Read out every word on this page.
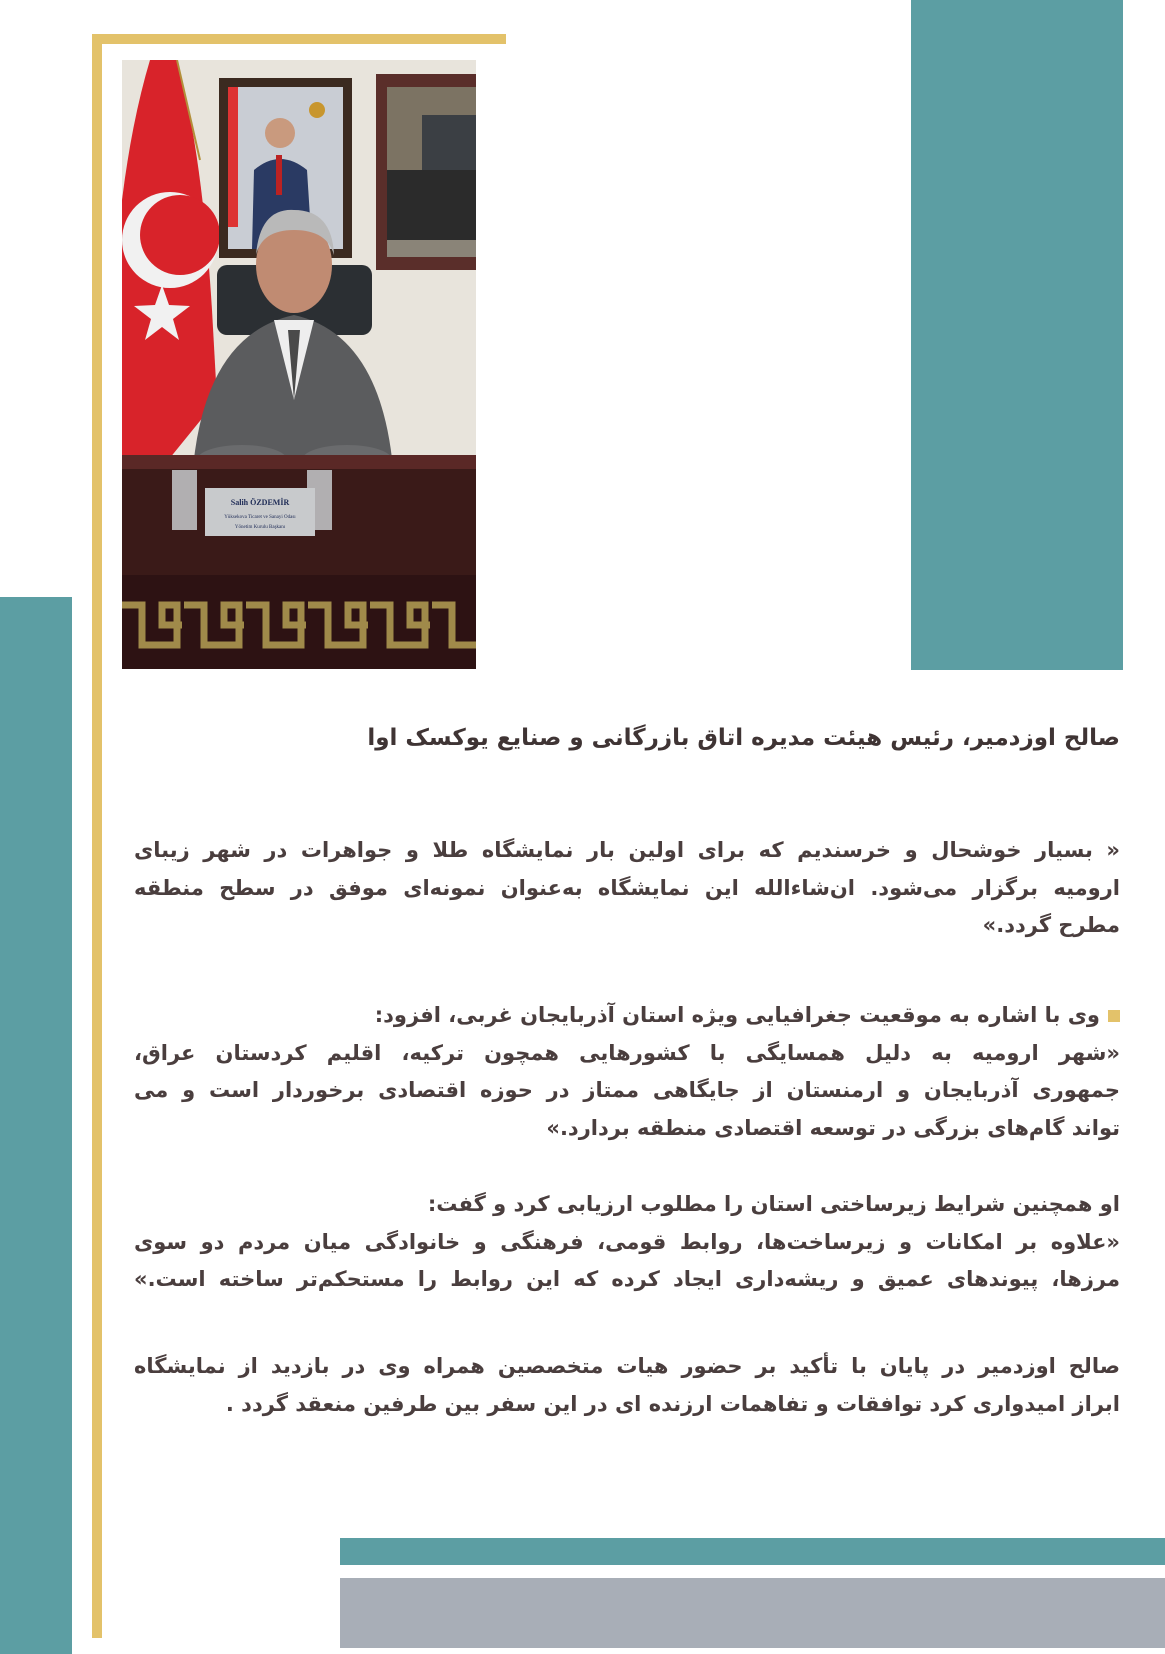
Salih ÖZDEMİR
Yüksekova Ticaret ve Sanayi Odası
Yönetim Kurulu Başkanı
صالح اوزدمیر، رئیس هیئت مدیره اتاق بازرگانی و صنایع یوکسک اوا
« بسیار خوشحال و خرسندیم که برای اولین بار نمایشگاه طلا و جواهرات در شهر زیبای
ارومیه برگزار می‌شود. ان‌شاءالله این نمایشگاه به‌عنوان نمونه‌ای موفق در سطح منطقه
مطرح گردد.»
وی با اشاره به موقعیت جغرافیایی ویژه استان آذربایجان غربی، افزود:
«شهر ارومیه به دلیل همسایگی با کشورهایی همچون ترکیه، اقلیم کردستان عراق،
جمهوری آذربایجان و ارمنستان از جایگاهی ممتاز در حوزه اقتصادی برخوردار است و می
تواند گام‌های بزرگی در توسعه اقتصادی منطقه بردارد.»
او همچنین شرایط زیرساختی استان را مطلوب ارزیابی کرد و گفت:
«علاوه بر امکانات و زیرساخت‌ها، روابط قومی، فرهنگی و خانوادگی میان مردم دو سوی
مرزها، پیوندهای عمیق و ریشه‌داری ایجاد کرده که این روابط را مستحکم‌تر ساخته است.»
صالح اوزدمیر در پایان با تأکید بر حضور هیات متخصصین همراه وی در بازدید از نمایشگاه
ابراز امیدواری کرد توافقات و تفاهمات ارزنده ای در این سفر بین طرفین منعقد گردد .
